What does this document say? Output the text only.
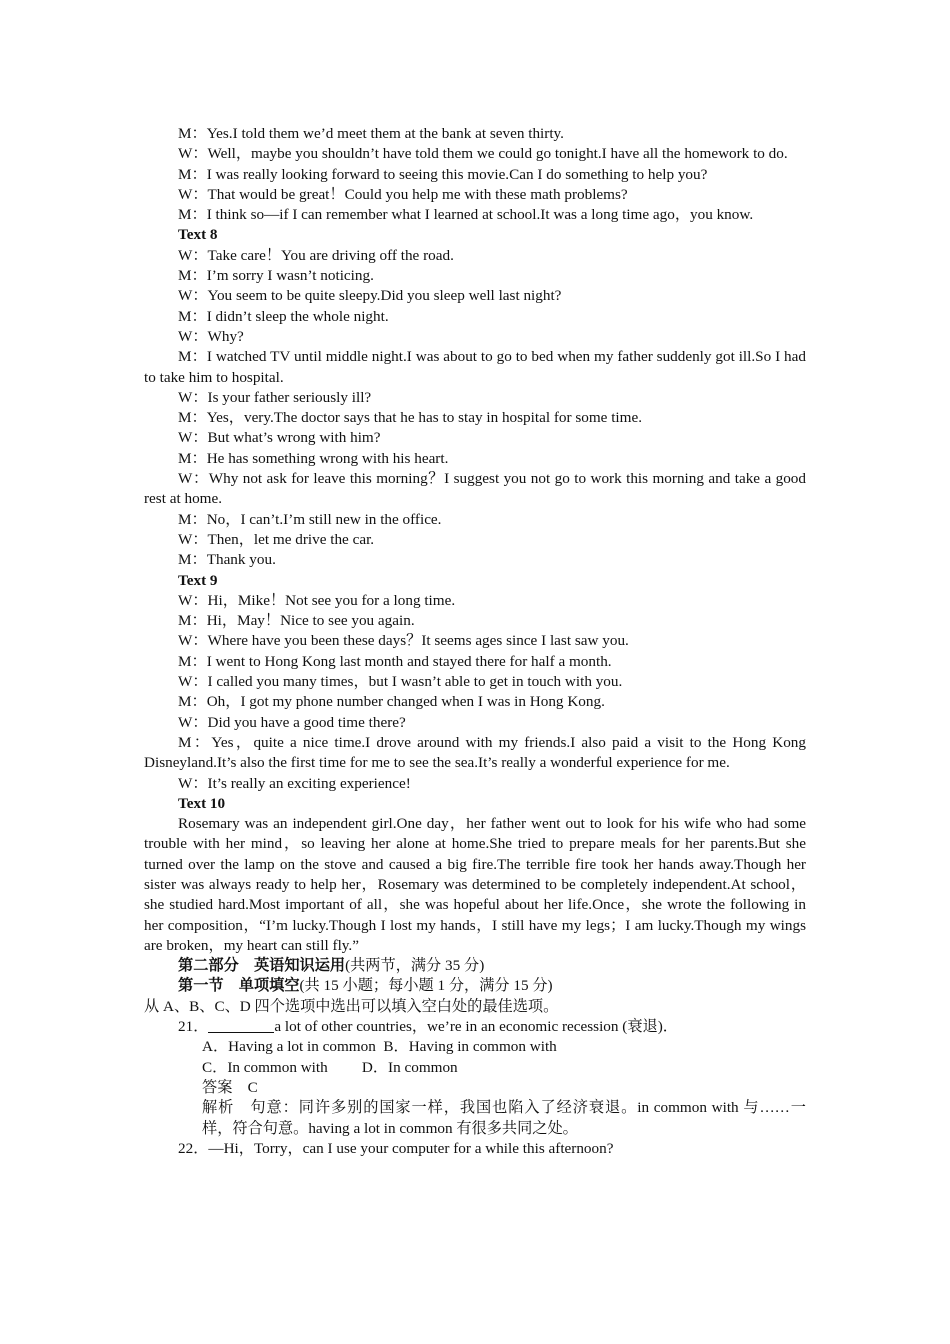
M：Yes.I told them we’d meet them at the bank at seven thirty.

W：Well，maybe you shouldn’t have told them we could go tonight.I have all the homework to do.

M：I was really looking forward to seeing this movie.Can I do something to help you?

W：That would be great！Could you help me with these math problems?

M：I think so—if I can remember what I learned at school.It was a long time ago，you know.

Text 8

W：Take care！You are driving off the road.

M：I’m sorry I wasn’t noticing.

W：You seem to be quite sleepy.Did you sleep well last night?

M：I didn’t sleep the whole night.

W：Why?

M：I watched TV until middle night.I was about to go to bed when my father suddenly got ill.So I had to take him to hospital.

W：Is your father seriously ill?

M：Yes，very.The doctor says that he has to stay in hospital for some time.

W：But what’s wrong with him?

M：He has something wrong with his heart.

W：Why not ask for leave this morning？I suggest you not go to work this morning and take a good rest at home.

M：No，I can’t.I’m still new in the office.

W：Then，let me drive the car.

M：Thank you.

Text 9

W：Hi，Mike！Not see you for a long time.

M：Hi，May！Nice to see you again.

W：Where have you been these days？It seems ages since I last saw you.

M：I went to Hong Kong last month and stayed there for half a month.

W：I called you many times，but I wasn’t able to get in touch with you.

M：Oh，I got my phone number changed when I was in Hong Kong.

W：Did you have a good time there?

M：Yes，quite a nice time.I drove around with my friends.I also paid a visit to the Hong Kong Disneyland.It’s also the first time for me to see the sea.It’s really a wonderful experience for me.

W：It’s really an exciting experience!

Text 10

Rosemary was an independent girl.One day，her father went out to look for his wife who had some trouble with her mind，so leaving her alone at home.She tried to prepare meals for her parents.But she turned over the lamp on the stove and caused a big fire.The terrible fire took her hands away.Though her sister was always ready to help her，Rosemary was determined to be completely independent.At school，she studied hard.Most important of all，she was hopeful about her life.Once，she wrote the following in her composition，“I’m lucky.Though I lost my hands，I still have my legs；I am lucky.Though my wings are broken，my heart can still fly.”

第二部分　英语知识运用(共两节，满分 35 分)

第一节　单项填空(共 15 小题；每小题 1 分，满分 15 分)

从 A、B、C、D 四个选项中选出可以填入空白处的最佳选项。

21．	a lot of other countries，we’re in an economic recession (衰退)．

A．Having a lot in common B．Having in common with

C．In common with D．In common

答案　C

解析　句意：同许多别的国家一样，我国也陷入了经济衰退。in common with 与……一样，符合句意。having a lot in common 有很多共同之处。

22．—Hi，Torry，can I use your computer for a while this afternoon?
